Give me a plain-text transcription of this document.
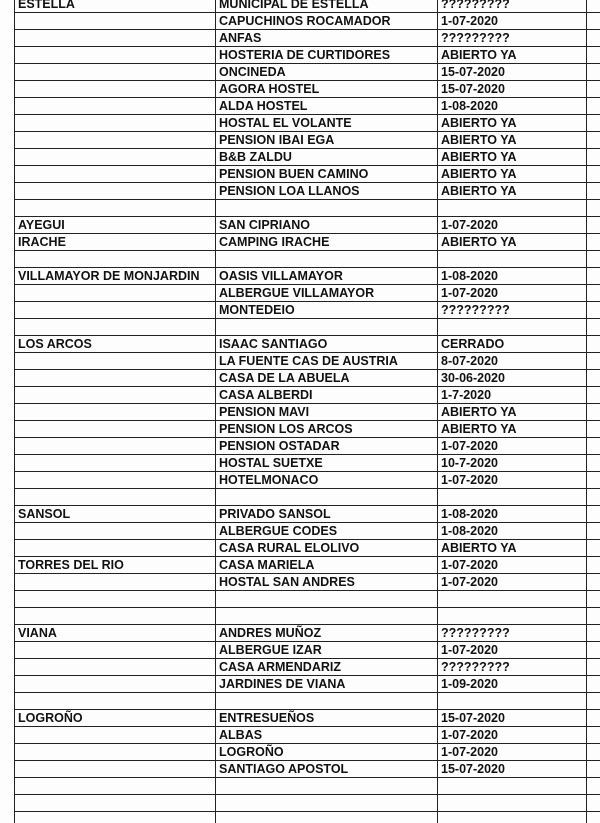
ESTELLA	MUNICIPAL DE ESTELLA	?????????	
	CAPUCHINOS ROCAMADOR	1-07-2020	
	ANFAS	?????????	
	HOSTERIA DE CURTIDORES	ABIERTO YA	
	ONCINEDA	15-07-2020	
	AGORA HOSTEL	15-07-2020	
	ALDA HOSTEL	1-08-2020	
	HOSTAL EL VOLANTE	ABIERTO YA	
	PENSION IBAI EGA	ABIERTO YA	
	B&B ZALDU	ABIERTO YA	
	PENSION BUEN CAMINO	ABIERTO YA	
	PENSION LOA LLANOS	ABIERTO YA	

AYEGUI	SAN CIPRIANO	1-07-2020	
IRACHE	CAMPING IRACHE	ABIERTO YA	

VILLAMAYOR DE MONJARDIN	OASIS VILLAMAYOR	1-08-2020	
	ALBERGUE VILLAMAYOR	1-07-2020	
	MONTEDEIO	?????????	

LOS ARCOS	ISAAC SANTIAGO	CERRADO	
	LA FUENTE CAS DE AUSTRIA	8-07-2020	
	CASA DE LA ABUELA	30-06-2020	
	CASA ALBERDI	1-7-2020	
	PENSION MAVI	ABIERTO YA	
	PENSION LOS ARCOS	ABIERTO YA	
	PENSION OSTADAR	1-07-2020	
	HOSTAL SUETXE	10-7-2020	
	HOTELMONACO	1-07-2020	

SANSOL	PRIVADO SANSOL	1-08-2020	
	ALBERGUE CODES	1-08-2020	
	CASA RURAL ELOLIVO	ABIERTO YA	
TORRES DEL RIO	CASA MARIELA	1-07-2020	
	HOSTAL SAN ANDRES	1-07-2020	

VIANA	ANDRES MUÑOZ	?????????	
	ALBERGUE IZAR	1-07-2020	
	CASA ARMENDARIZ	?????????	
	JARDINES DE VIANA	1-09-2020	

LOGROÑO	ENTRESUEÑOS	15-07-2020	
	ALBAS	1-07-2020	
	LOGROÑO	1-07-2020	
	SANTIAGO APOSTOL	15-07-2020	
